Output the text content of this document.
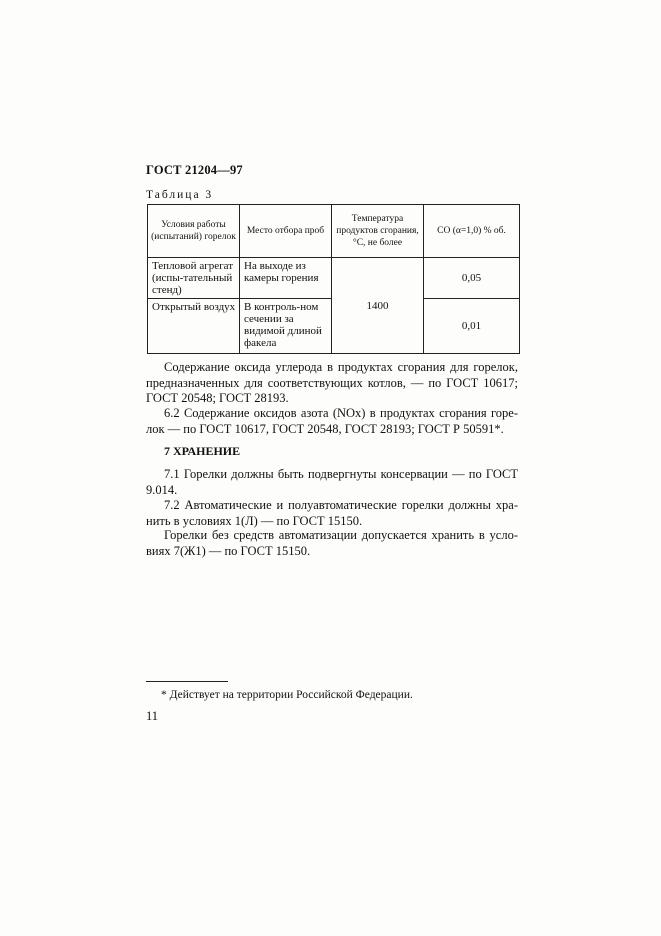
ГОСТ 21204—97
Таблица 3
Условия работы (испытаний) горелок	Место отбора проб	Температура продуктов сгорания, °С, не более	CO (α=1,0) % об.

Тепловой агрегат (испы-тательный стенд)	На выходе из камеры горения	1400	0,05

Открытый воздух	В контроль-ном сечении за видимой длиной факела		0,01
Содержание оксида углерода в продуктах сгорания для горелок, предназначенных для соответствующих котлов, — по ГОСТ 10617; ГОСТ 20548; ГОСТ 28193.
6.2 Содержание оксидов азота (NOx) в продуктах сгорания горе-лок — по ГОСТ 10617, ГОСТ 20548, ГОСТ 28193; ГОСТ Р 50591*.
7 ХРАНЕНИЕ
7.1 Горелки должны быть подвергнуты консервации — по ГОСТ 9.014.
7.2 Автоматические и полуавтоматические горелки должны хра-нить в условиях 1(Л) — по ГОСТ 15150.
Горелки без средств автоматизации допускается хранить в усло-виях 7(Ж1) — по ГОСТ 15150.
* Действует на территории Российской Федерации.
11
